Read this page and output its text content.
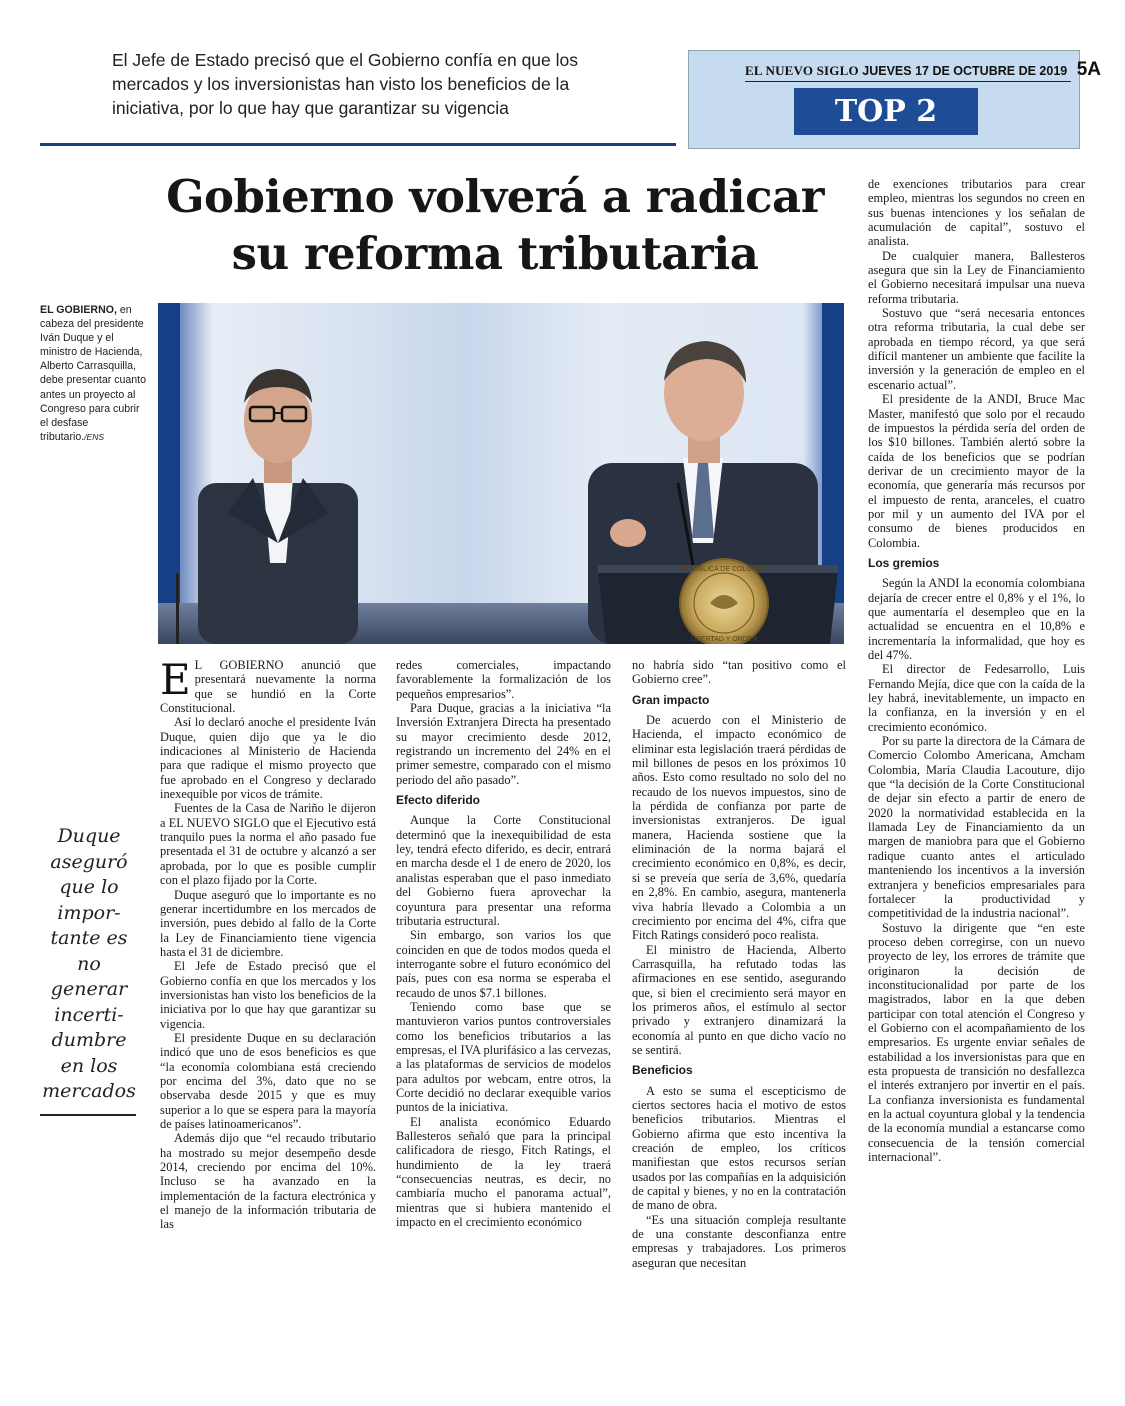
El Jefe de Estado precisó que el Gobierno confía en que los mercados y los inversionistas han visto los beneficios de la iniciativa, por lo que hay que garantizar su vigencia
EL NUEVO SIGLO JUEVES 17 DE OCTUBRE DE 2019 5A
TOP 2
Gobierno volverá a radicar su reforma tributaria
EL GOBIERNO, en cabeza del presidente Iván Duque y el ministro de Hacienda, Alberto Carrasquilla, debe presentar cuanto antes un proyecto al Congreso para cubrir el desfase tributario./ENS
REPÚBLICA DE COLOMBIA
LIBERTAD Y ORDEN
Duque aseguró que lo importante es no generar incertidumbre en los mercados

E L GOBIERNO anunció que presentará nuevamente la norma que se hundió en la Corte Constitucional.

Así lo declaró anoche el presidente Iván Duque, quien dijo que ya le dio indicaciones al Ministerio de Hacienda para que radique el mismo proyecto que fue aprobado en el Congreso y declarado inexequible por vicos de trámite.

Fuentes de la Casa de Nariño le dijeron a EL NUEVO SIGLO que el Ejecutivo está tranquilo pues la norma el año pasado fue presentada el 31 de octubre y alcanzó a ser aprobada, por lo que es posible cumplir con el plazo fijado por la Corte.

Duque aseguró que lo importante es no generar incertidumbre en los mercados de inversión, pues debido al fallo de la Corte la Ley de Financiamiento tiene vigencia hasta el 31 de diciembre.

El Jefe de Estado precisó que el Gobierno confía en que los mercados y los inversionistas han visto los beneficios de la iniciativa por lo que hay que garantizar su vigencia.

El presidente Duque en su declaración indicó que uno de esos beneficios es que “la economía colombiana está creciendo por encima del 3%, dato que no se observaba desde 2015 y que es muy superior a lo que se espera para la mayoría de países latinoamericanos”.

Además dijo que “el recaudo tributario ha mostrado su mejor desempeño desde 2014, creciendo por encima del 10%. Incluso se ha avanzado en la implementación de la factura electrónica y el manejo de la información tributaria de las

redes comerciales, impactando favorablemente la formalización de los pequeños empresarios”.

Para Duque, gracias a la iniciativa “la Inversión Extranjera Directa ha presentado su mayor crecimiento desde 2012, registrando un incremento del 24% en el primer semestre, comparado con el mismo periodo del año pasado”.

Efecto diferido

Aunque la Corte Constitucional determinó que la inexequibilidad de esta ley, tendrá efecto diferido, es decir, entrará en marcha desde el 1 de enero de 2020, los analistas esperaban que el paso inmediato del Gobierno fuera aprovechar la coyuntura para presentar una reforma tributaria estructural.

Sin embargo, son varios los que coinciden en que de todos modos queda el interrogante sobre el futuro económico del país, pues con esa norma se esperaba el recaudo de unos $7.1 billones.

Teniendo como base que se mantuvieron varios puntos controversiales como los beneficios tributarios a las empresas, el IVA plurifásico a las cervezas, a las plataformas de servicios de modelos para adultos por webcam, entre otros, la Corte decidió no declarar exequible varios puntos de la iniciativa.

El analista económico Eduardo Ballesteros señaló que para la principal calificadora de riesgo, Fitch Ratings, el hundimiento de la ley traerá “consecuencias neutras, es decir, no cambiaría mucho el panorama actual”, mientras que si hubiera mantenido el impacto en el crecimiento económico

no habría sido “tan positivo como el Gobierno cree”.

Gran impacto

De acuerdo con el Ministerio de Hacienda, el impacto económico de eliminar esta legislación traerá pérdidas de mil billones de pesos en los próximos 10 años. Esto como resultado no solo del no recaudo de los nuevos impuestos, sino de la pérdida de confianza por parte de inversionistas extranjeros. De igual manera, Hacienda sostiene que la eliminación de la norma bajará el crecimiento económico en 0,8%, es decir, si se preveía que sería de 3,6%, quedaría en 2,8%. En cambio, asegura, mantenerla viva habría llevado a Colombia a un crecimiento por encima del 4%, cifra que Fitch Ratings consideró poco realista.

El ministro de Hacienda, Alberto Carrasquilla, ha refutado todas las afirmaciones en ese sentido, asegurando que, si bien el crecimiento será mayor en los primeros años, el estímulo al sector privado y extranjero dinamizará la economía al punto en que dicho vacío no se sentirá.

Beneficios

A esto se suma el escepticismo de ciertos sectores hacia el motivo de estos beneficios tributarios. Mientras el Gobierno afirma que esto incentiva la creación de empleo, los críticos manifiestan que estos recursos serían usados por las compañías en la adquisición de capital y bienes, y no en la contratación de mano de obra.

“Es una situación compleja resultante de una constante desconfianza entre empresas y trabajadores. Los primeros aseguran que necesitan

de exenciones tributarios para crear empleo, mientras los segundos no creen en sus buenas intenciones y los señalan de acumulación de capital”, sostuvo el analista.

De cualquier manera, Ballesteros asegura que sin la Ley de Financiamiento el Gobierno necesitará impulsar una nueva reforma tributaria.

Sostuvo que “será necesaria entonces otra reforma tributaria, la cual debe ser aprobada en tiempo récord, ya que será difícil mantener un ambiente que facilite la inversión y la generación de empleo en el escenario actual”.

El presidente de la ANDI, Bruce Mac Master, manifestó que solo por el recaudo de impuestos la pérdida sería del orden de los $10 billones. También alertó sobre la caída de los beneficios que se podrían derivar de un crecimiento mayor de la economía, que generaría más recursos por el impuesto de renta, aranceles, el cuatro por mil y un aumento del IVA por el consumo de bienes producidos en Colombia.

Los gremios

Según la ANDI la economía colombiana dejaría de crecer entre el 0,8% y el 1%, lo que aumentaría el desempleo que en la actualidad se encuentra en el 10,8% e incrementaría la informalidad, que hoy es del 47%.

El director de Fedesarrollo, Luis Fernando Mejía, dice que con la caída de la ley habrá, inevitablemente, un impacto en la confianza, en la inversión y en el crecimiento económico.

Por su parte la directora de la Cámara de Comercio Colombo Americana, Amcham Colombia, María Claudia Lacouture, dijo que “la decisión de la Corte Constitucional de dejar sin efecto a partir de enero de 2020 la normatividad establecida en la llamada Ley de Financiamiento da un margen de maniobra para que el Gobierno radique cuanto antes el articulado manteniendo los incentivos a la inversión extranjera y beneficios empresariales para fortalecer la productividad y competitividad de la industria nacional”.

Sostuvo la dirigente que “en este proceso deben corregirse, con un nuevo proyecto de ley, los errores de trámite que originaron la decisión de inconstitucionalidad por parte de los magistrados, labor en la que deben participar con total atención el Congreso y el Gobierno con el acompañamiento de los empresarios. Es urgente enviar señales de estabilidad a los inversionistas para que en esta propuesta de transición no desfallezca el interés extranjero por invertir en el país. La confianza inversionista es fundamental en la actual coyuntura global y la tendencia de la economía mundial a estancarse como consecuencia de la tensión comercial internacional”.
